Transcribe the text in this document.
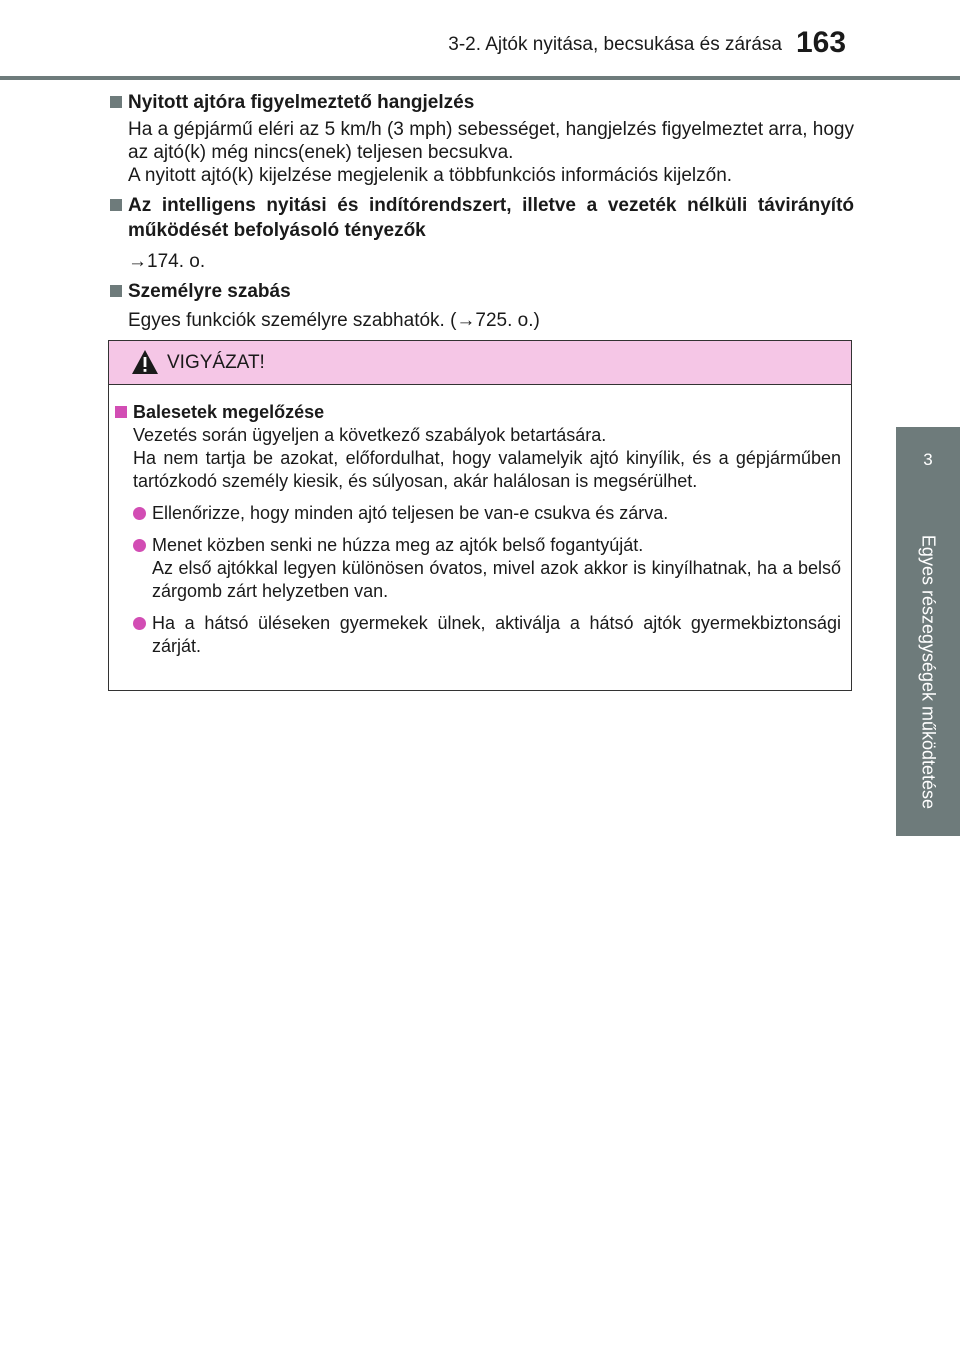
3-2. Ajtók nyitása, becsukása és zárása 163
3
Egyes részegységek működtetése
Nyitott ajtóra figyelmeztető hangjelzés
Ha a gépjármű eléri az 5 km/h (3 mph) sebességet, hangjelzés figyelmeztet arra, hogy az ajtó(k) még nincs(enek) teljesen becsukva.
A nyitott ajtó(k) kijelzése megjelenik a többfunkciós információs kijelzőn.
Az intelligens nyitási és indítórendszert, illetve a vezeték nélküli távirányító működését befolyásoló tényezők
→174. o.
Személyre szabás
Egyes funkciók személyre szabhatók. (→725. o.)
VIGYÁZAT!
Balesetek megelőzése
Vezetés során ügyeljen a következő szabályok betartására.
Ha nem tartja be azokat, előfordulhat, hogy valamelyik ajtó kinyílik, és a gépjárműben tartózkodó személy kiesik, és súlyosan, akár halálosan is megsérülhet.
Ellenőrizze, hogy minden ajtó teljesen be van-e csukva és zárva.
Menet közben senki ne húzza meg az ajtók belső fogantyúját.
Az első ajtókkal legyen különösen óvatos, mivel azok akkor is kinyílhatnak, ha a belső zárgomb zárt helyzetben van.
Ha a hátsó üléseken gyermekek ülnek, aktiválja a hátsó ajtók gyermekbiztonsági zárját.
